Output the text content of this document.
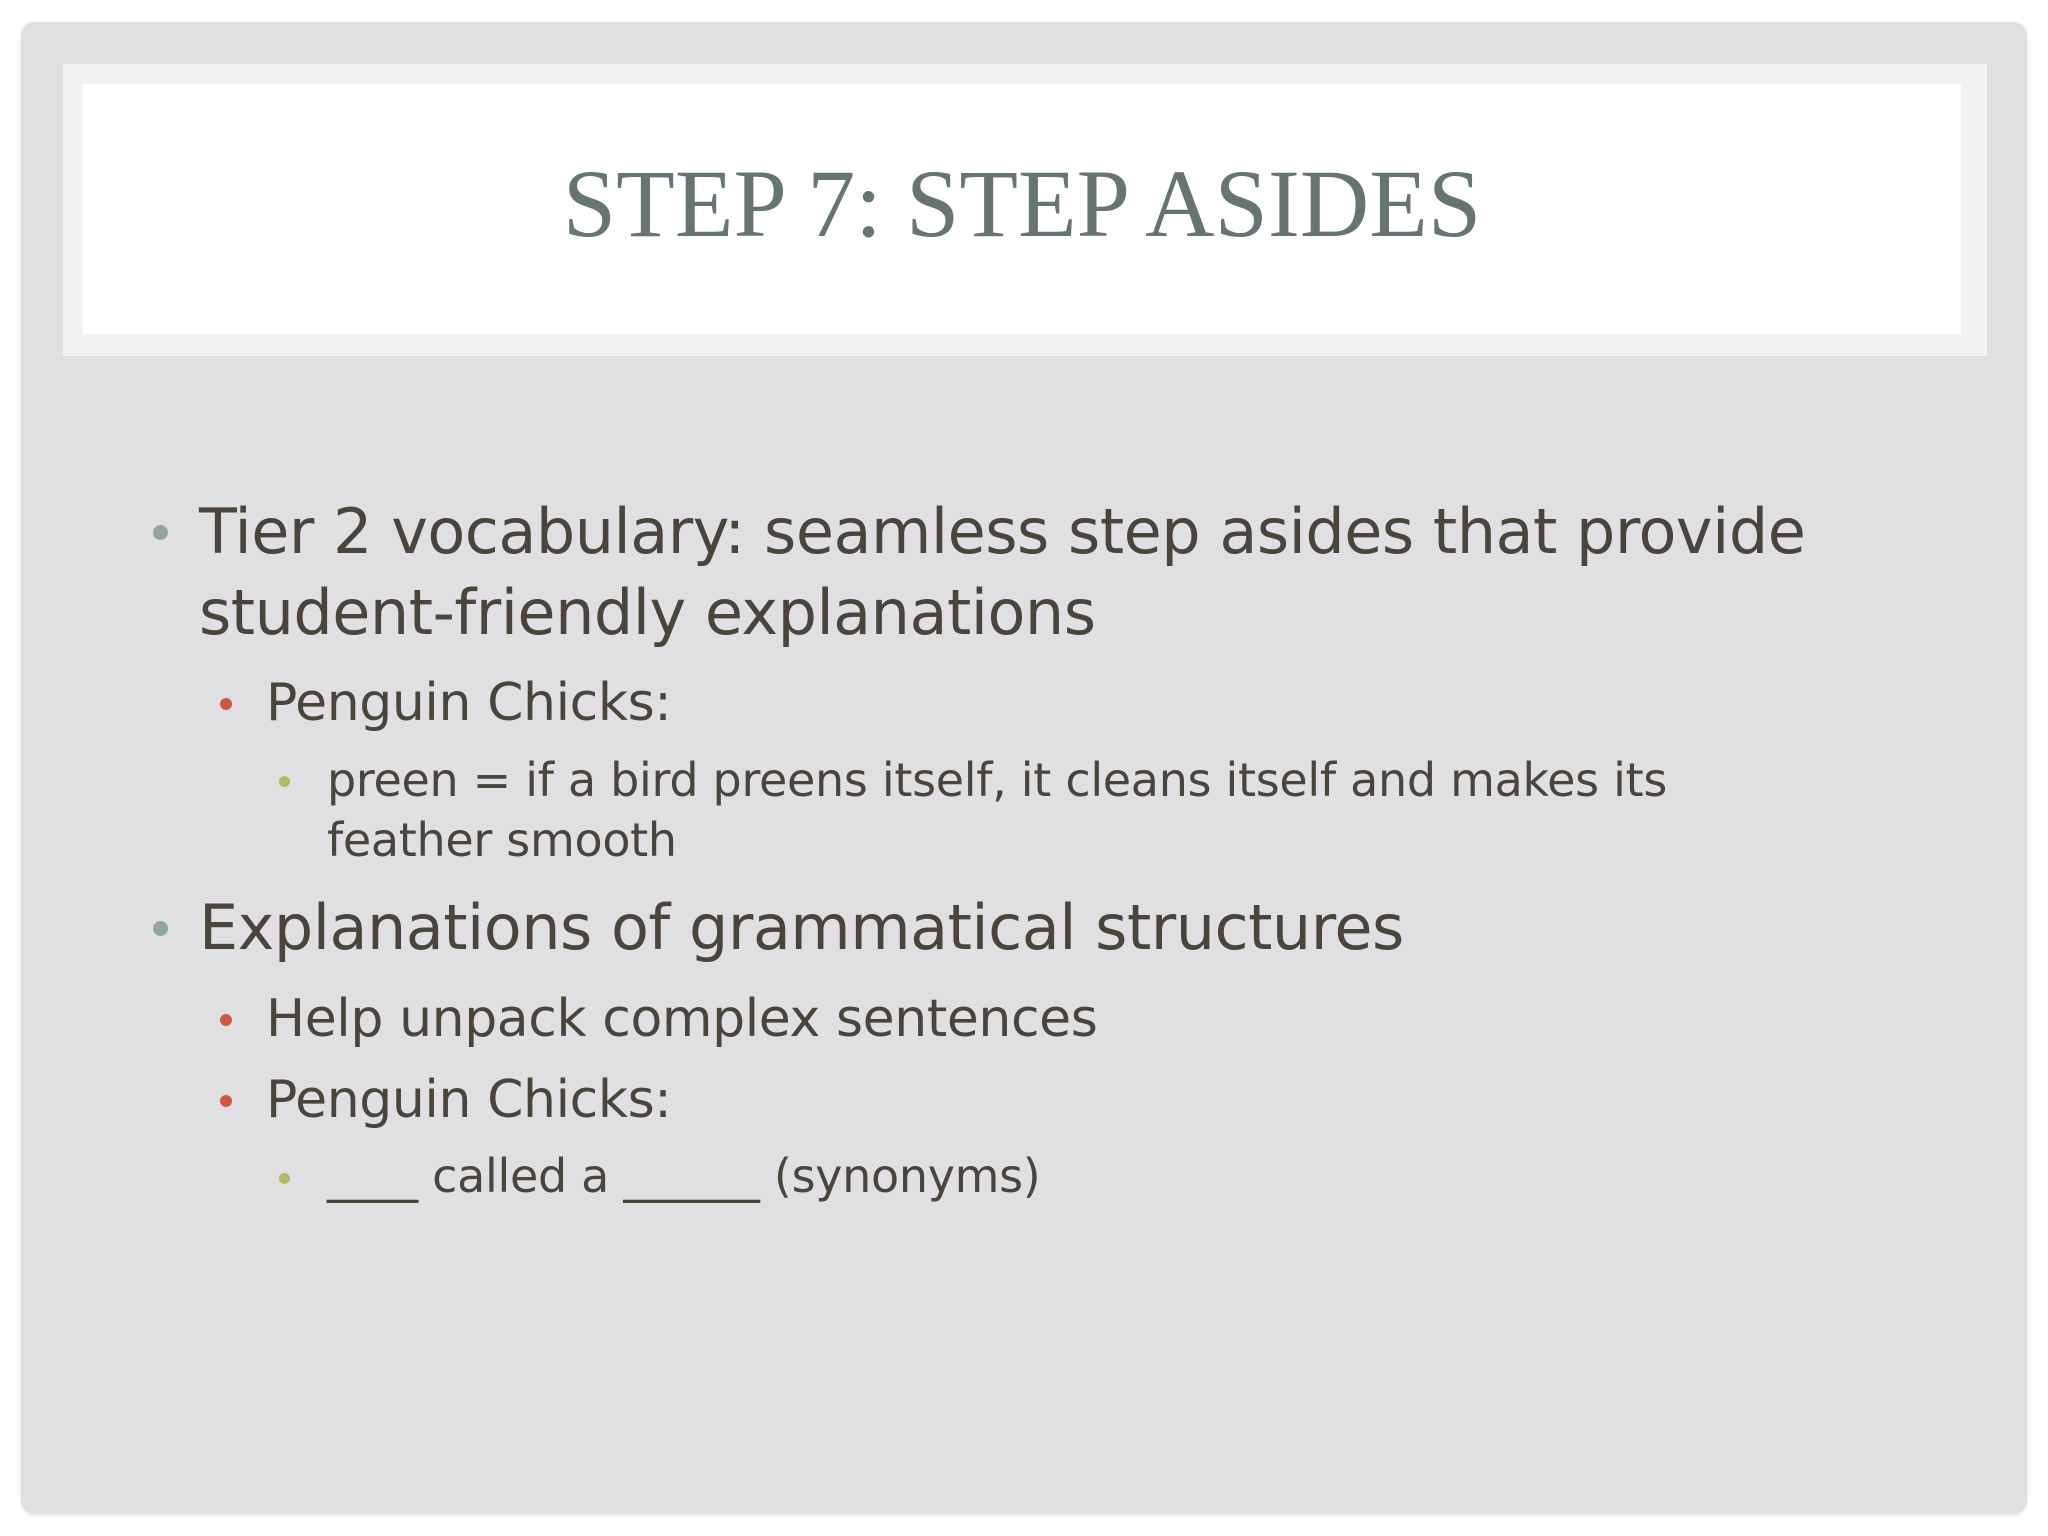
STEP 7: STEP ASIDES
Tier 2 vocabulary: seamless step asides that provide
student-friendly explanations
Penguin Chicks:
preen = if a bird preens itself, it cleans itself and makes its
feather smooth
Explanations of grammatical structures
Help unpack complex sentences
Penguin Chicks:
____ called a ______ (synonyms)
